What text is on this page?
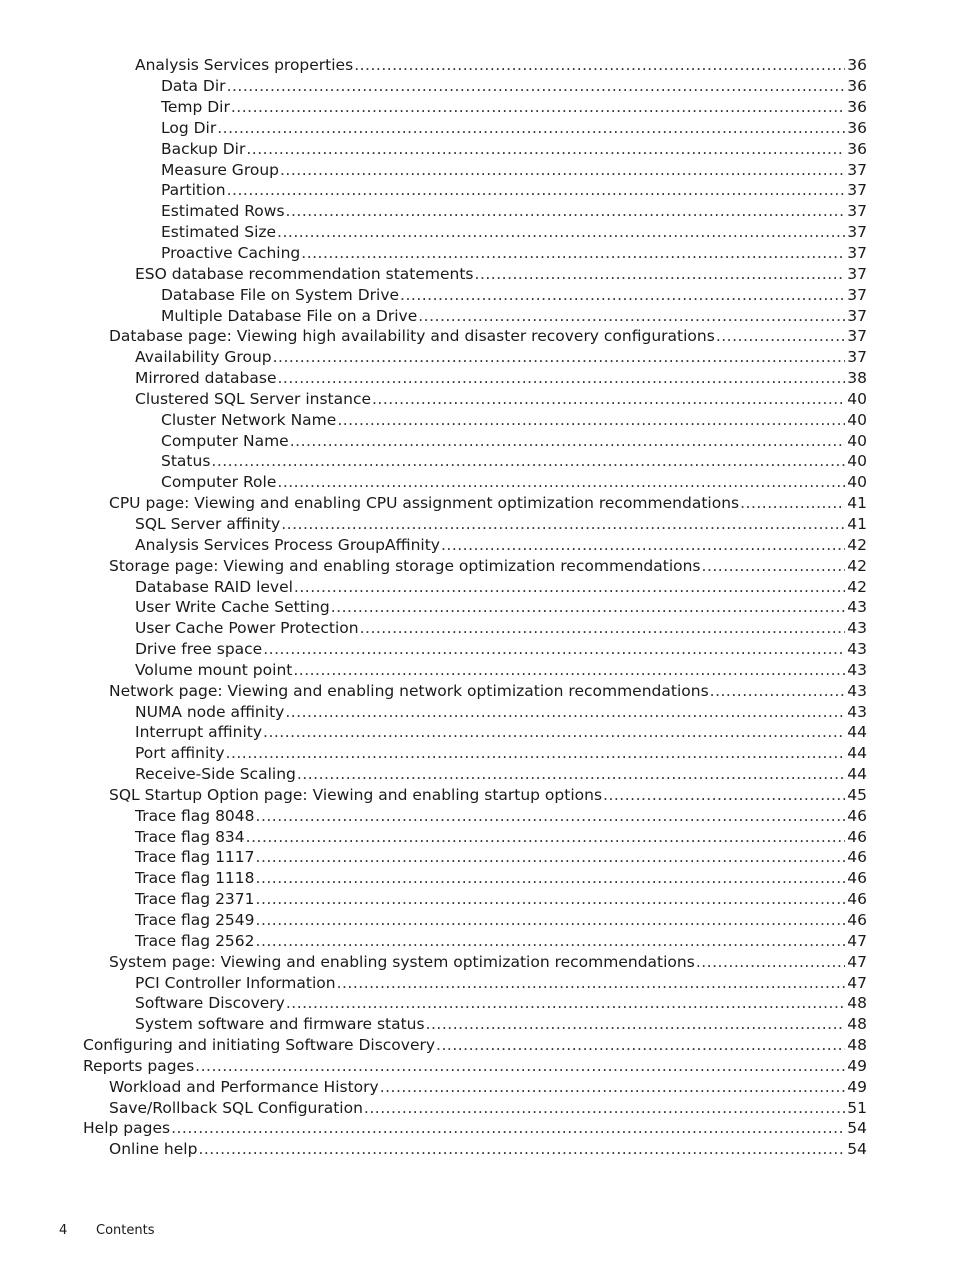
Analysis Services properties .....	36
Data Dir .....	36
Temp Dir .....	36
Log Dir .....	36
Backup Dir .....	36
Measure Group .....	37
Partition .....	37
Estimated Rows .....	37
Estimated Size .....	37
Proactive Caching .....	37
ESO database recommendation statements .....	37
Database File on System Drive .....	37
Multiple Database File on a Drive .....	37
Database page: Viewing high availability and disaster recovery configurations .....	37
Availability Group .....	37
Mirrored database .....	38
Clustered SQL Server instance .....	40
Cluster Network Name .....	40
Computer Name .....	40
Status .....	40
Computer Role .....	40
CPU page: Viewing and enabling CPU assignment optimization recommendations .....	41
SQL Server affinity .....	41
Analysis Services Process GroupAffinity .....	42
Storage page: Viewing and enabling storage optimization recommendations .....	42
Database RAID level .....	42
User Write Cache Setting .....	43
User Cache Power Protection .....	43
Drive free space .....	43
Volume mount point .....	43
Network page: Viewing and enabling network optimization recommendations .....	43
NUMA node affinity .....	43
Interrupt affinity .....	44
Port affinity .....	44
Receive-Side Scaling .....	44
SQL Startup Option page: Viewing and enabling startup options .....	45
Trace flag 8048 .....	46
Trace flag 834 .....	46
Trace flag 1117 .....	46
Trace flag 1118 .....	46
Trace flag 2371 .....	46
Trace flag 2549 .....	46
Trace flag 2562 .....	47
System page: Viewing and enabling system optimization recommendations .....	47
PCI Controller Information .....	47
Software Discovery .....	48
System software and firmware status .....	48
Configuring and initiating Software Discovery .....	48
Reports pages .....	49
Workload and Performance History .....	49
Save/Rollback SQL Configuration .....	51
Help pages .....	54
Online help .....	54
4 Contents
